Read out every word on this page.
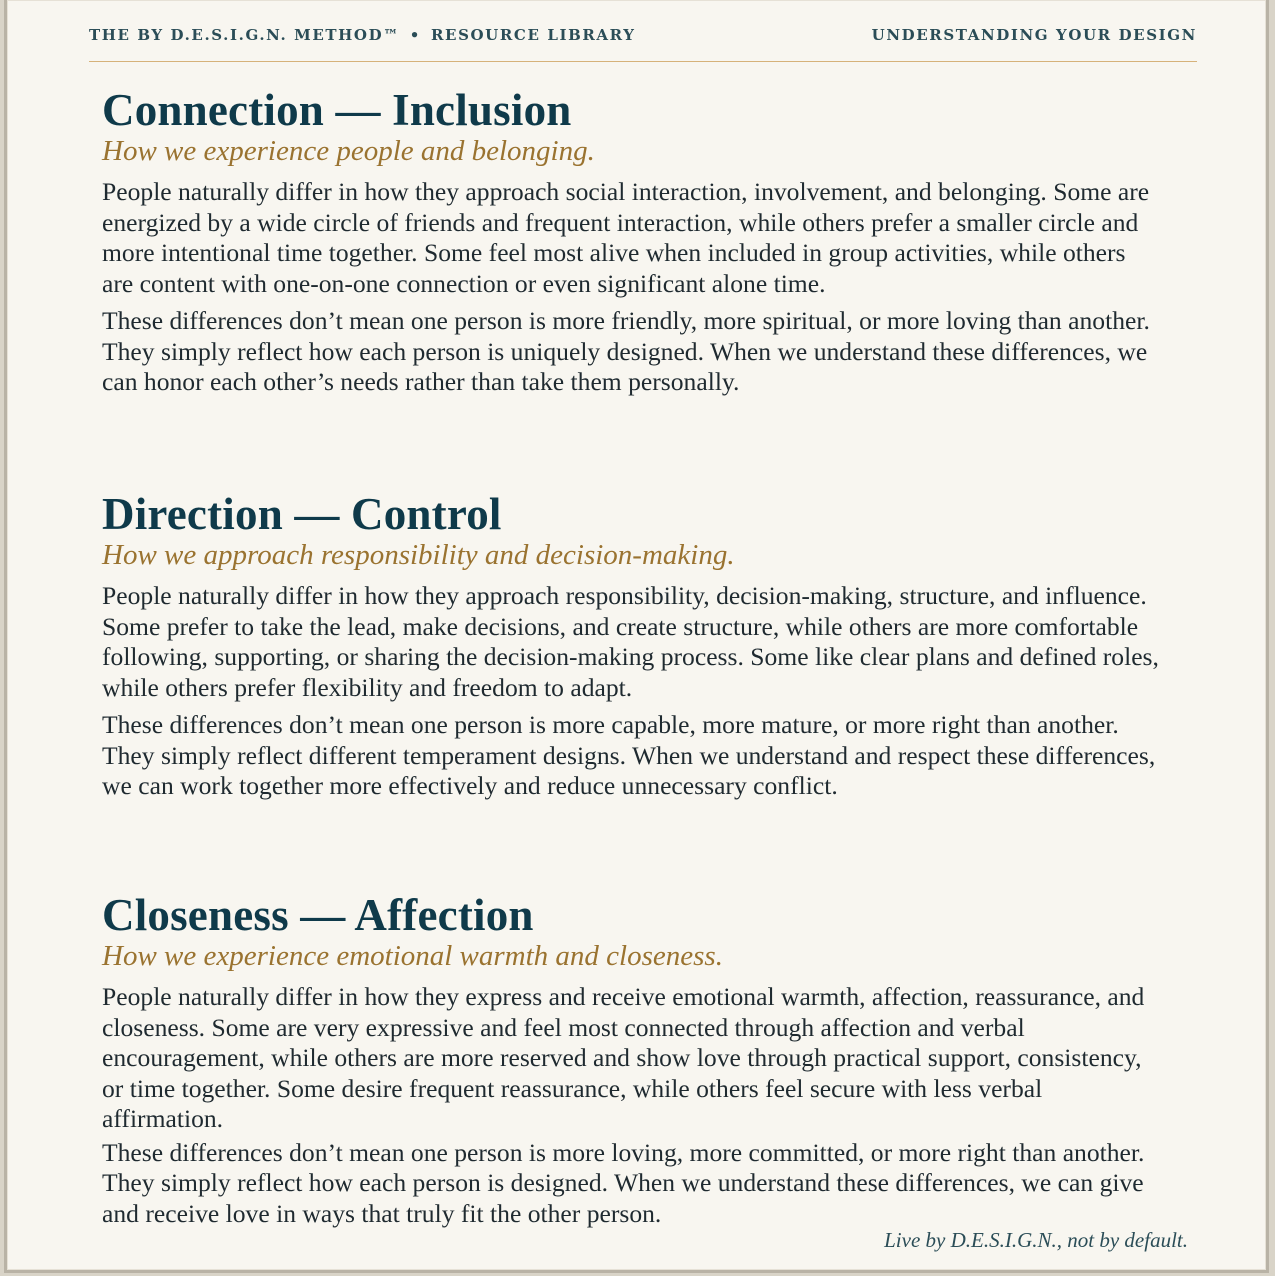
THE BY D.E.S.I.G.N. METHOD™ • RESOURCE LIBRARY	UNDERSTANDING YOUR DESIGN
Connection — Inclusion
How we experience people and belonging.

People naturally differ in how they approach social interaction, involvement, and belonging. Some are energized by a wide circle of friends and frequent interaction, while others prefer a smaller circle and more intentional time together. Some feel most alive when included in group activities, while others are content with one-on-one connection or even significant alone time.

These differences don’t mean one person is more friendly, more spiritual, or more loving than another. They simply reflect how each person is uniquely designed. When we understand these differences, we can honor each other’s needs rather than take them personally.

Direction — Control
How we approach responsibility and decision-making.

People naturally differ in how they approach responsibility, decision-making, structure, and influence. Some prefer to take the lead, make decisions, and create structure, while others are more comfortable following, supporting, or sharing the decision-making process. Some like clear plans and defined roles, while others prefer flexibility and freedom to adapt.

These differences don’t mean one person is more capable, more mature, or more right than another. They simply reflect different temperament designs. When we understand and respect these differences, we can work together more effectively and reduce unnecessary conflict.

Closeness — Affection
How we experience emotional warmth and closeness.

People naturally differ in how they express and receive emotional warmth, affection, reassurance, and closeness. Some are very expressive and feel most connected through affection and verbal encouragement, while others are more reserved and show love through practical support, consistency, or time together. Some desire frequent reassurance, while others feel secure with less verbal affirmation.

These differences don’t mean one person is more loving, more committed, or more right than another. They simply reflect how each person is designed. When we understand these differences, we can give and receive love in ways that truly fit the other person.

Live by D.E.S.I.G.N., not by default.
